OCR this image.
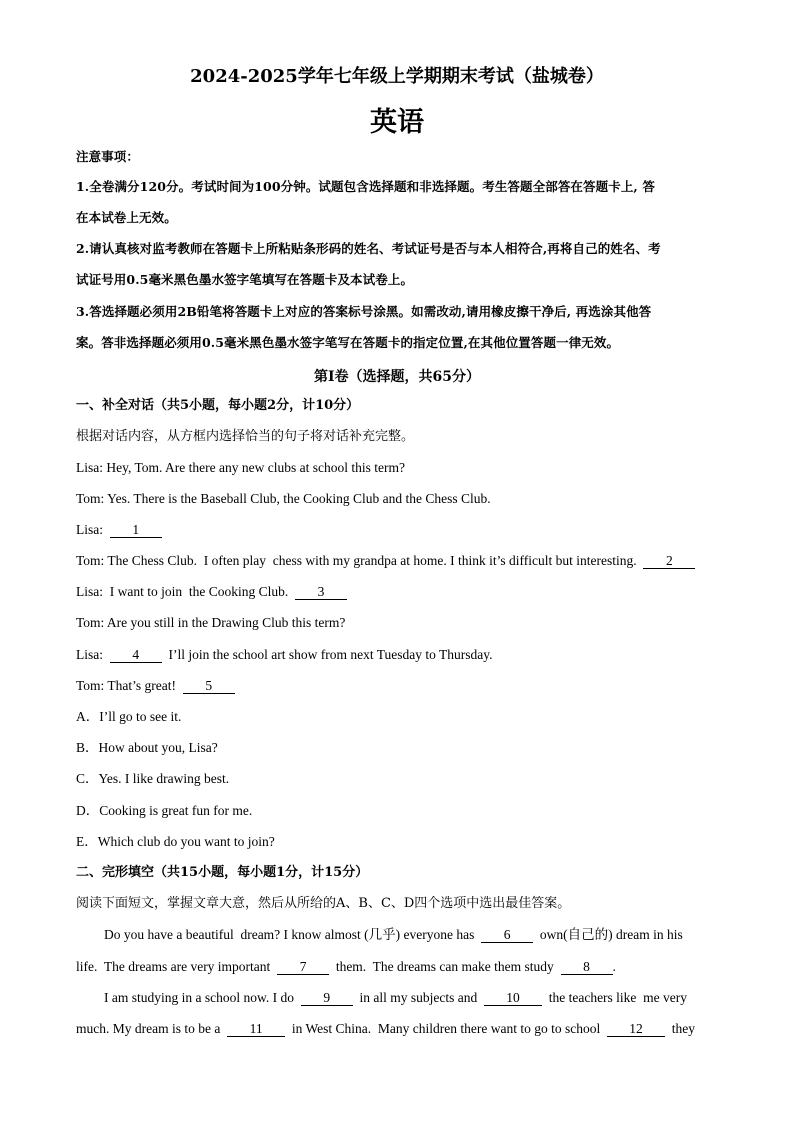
2024-2025学年七年级上学期期末考试（盐城卷）
英语
注意事项：
1.全卷满分120分。考试时间为100分钟。试题包含选择题和非选择题。考生答题全部答在答题卡上, 答
在本试卷上无效。
2.请认真核对监考教师在答题卡上所粘贴条形码的姓名、考试证号是否与本人相符合,再将自己的姓名、考
试证号用0.5毫米黑色墨水签字笔填写在答题卡及本试卷上。
3.答选择题必须用2B铅笔将答题卡上对应的答案标号涂黑。如需改动,请用橡皮擦干净后, 再选涂其他答
案。答非选择题必须用0.5毫米黑色墨水签字笔写在答题卡的指定位置,在其他位置答题一律无效。
第Ⅰ卷（选择题，共65分）
一、补全对话（共5小题，每小题2分，计10分）
根据对话内容，从方框内选择恰当的句子将对话补充完整。
Lisa: Hey, Tom. Are there any new clubs at school this term?
Tom: Yes. There is the Baseball Club, the Cooking Club and the Chess Club.
Lisa:  1
Tom: The Chess Club.  I often play  chess with my grandpa at home. I think it’s difficult but interesting.  2
Lisa:  I want to join  the Cooking Club.  3
Tom: Are you still in the Drawing Club this term?
Lisa:  4  I’ll join the school art show from next Tuesday to Thursday.
Tom: That’s great!  5
A．I’ll go to see it.
B．How about you, Lisa?
C．Yes. I like drawing best.
D．Cooking is great fun for me.
E．Which club do you want to join?
二、完形填空（共15小题，每小题1分，计15分）
阅读下面短文，掌握文章大意，然后从所给的A、B、C、D四个选项中选出最佳答案。
Do you have a beautiful  dream? I know almost (几乎) everyone has  6  own(自己的) dream in his
life.  The dreams are very important  7  them.  The dreams can make them study  8 .
I am studying in a school now. I do  9  in all my subjects and  10  the teachers like  me very
much. My dream is to be a  11  in West China.  Many children there want to go to school  12  they
